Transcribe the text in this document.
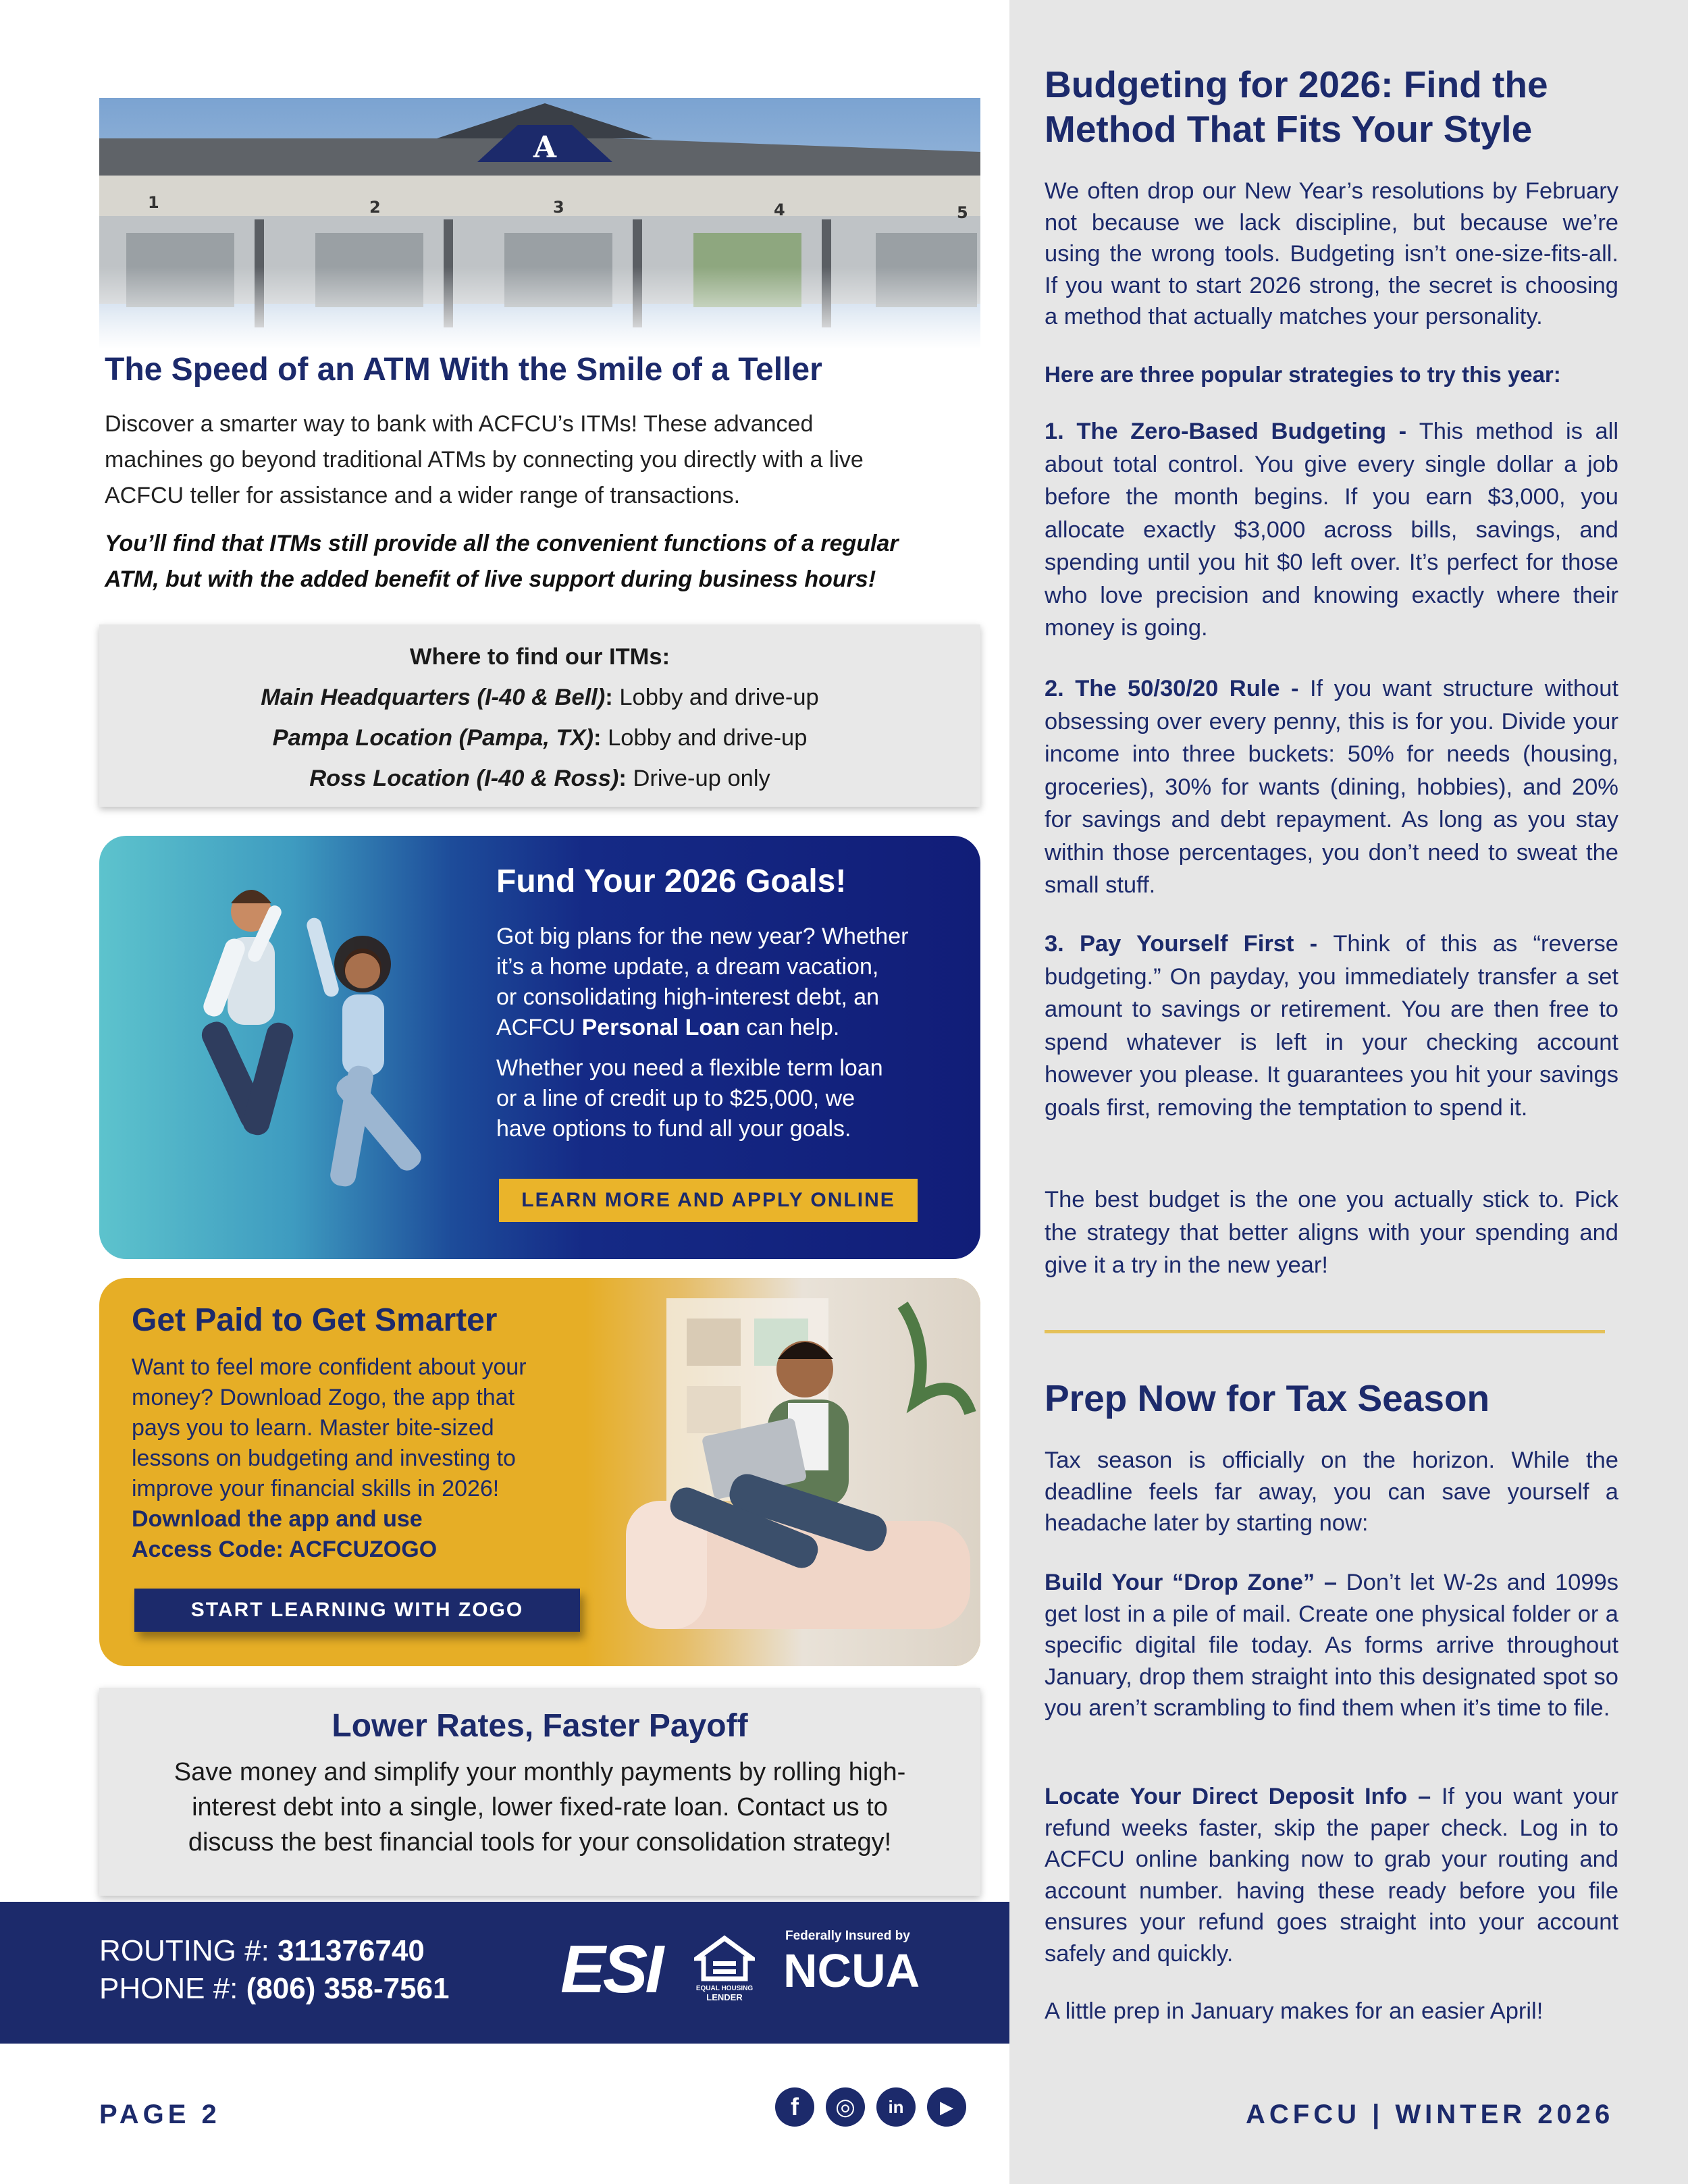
Budgeting for 2026: Find the
Method That Fits Your Style

We often drop our New Year’s resolutions by February not because we lack discipline, but because we’re using the wrong tools. Budgeting isn’t one-size-fits-all. If you want to start 2026 strong, the secret is choosing a method that actually matches your personality.

Here are three popular strategies to try this year:

1. The Zero-Based Budgeting - This method is all about total control. You give every single dollar a job before the month begins. If you earn $3,000, you allocate exactly $3,000 across bills, savings, and spending until you hit $0 left over. It’s perfect for those who love precision and knowing exactly where their money is going.

2. The 50/30/20 Rule - If you want structure without obsessing over every penny, this is for you. Divide your income into three buckets: 50% for needs (housing, groceries), 30% for wants (dining, hobbies), and 20% for savings and debt repayment. As long as you stay within those percentages, you don’t need to sweat the small stuff.

3. Pay Yourself First - Think of this as “reverse budgeting.” On payday, you immediately transfer a set amount to savings or retirement. You are then free to spend whatever is left in your checking account however you please. It guarantees you hit your savings goals first, removing the temptation to spend it.

The best budget is the one you actually stick to. Pick the strategy that better aligns with your spending and give it a try in the new year!

Prep Now for Tax Season

Tax season is officially on the horizon. While the deadline feels far away, you can save yourself a headache later by starting now:

Build Your “Drop Zone” – Don’t let W-2s and 1099s get lost in a pile of mail. Create one physical folder or a specific digital file today. As forms arrive throughout January, drop them straight into this designated spot so you aren’t scrambling to find them when it’s time to file.

Locate Your Direct Deposit Info – If you want your refund weeks faster, skip the paper check. Log in to ACFCU online banking now to grab your routing and account number. having these ready before you file ensures your refund goes straight into your account safely and quickly.

A little prep in January makes for an easier April!

A
1	2	3	4	5
The Speed of an ATM With the Smile of a Teller
Discover a smarter way to bank with ACFCU’s ITMs! These advanced
machines go beyond traditional ATMs by connecting you directly with a live
ACFCU teller for assistance and a wider range of transactions.
You’ll find that ITMs still provide all the convenient functions of a regular
ATM, but with the added benefit of live support during business hours!
Where to find our ITMs:
Main Headquarters (I-40 & Bell): Lobby and drive-up
Pampa Location (Pampa, TX): Lobby and drive-up
Ross Location (I-40 & Ross): Drive-up only
Fund Your 2026 Goals!
Got big plans for the new year? Whether
it’s a home update, a dream vacation,
or consolidating high-interest debt, an
ACFCU Personal Loan can help.
Whether you need a flexible term loan
or a line of credit up to $25,000, we
have options to fund all your goals.
LEARN MORE AND APPLY ONLINE
Get Paid to Get Smarter
Want to feel more confident about your
money? Download Zogo, the app that
pays you to learn. Master bite-sized
lessons on budgeting and investing to
improve your financial skills in 2026!
Download the app and use
Access Code: ACFCUZOGO
START LEARNING WITH ZOGO
Lower Rates, Faster Payoff
Save money and simplify your monthly payments by rolling high-
interest debt into a single, lower fixed-rate loan. Contact us to
discuss the best financial tools for your consolidation strategy!
ROUTING #: 311376740
PHONE #: (806) 358-7561 ESI	EQUAL HOUSING
LENDER
Federally Insured by
NCUA
PAGE 2	f	◎	in	▶	ACFCU | WINTER 2026
